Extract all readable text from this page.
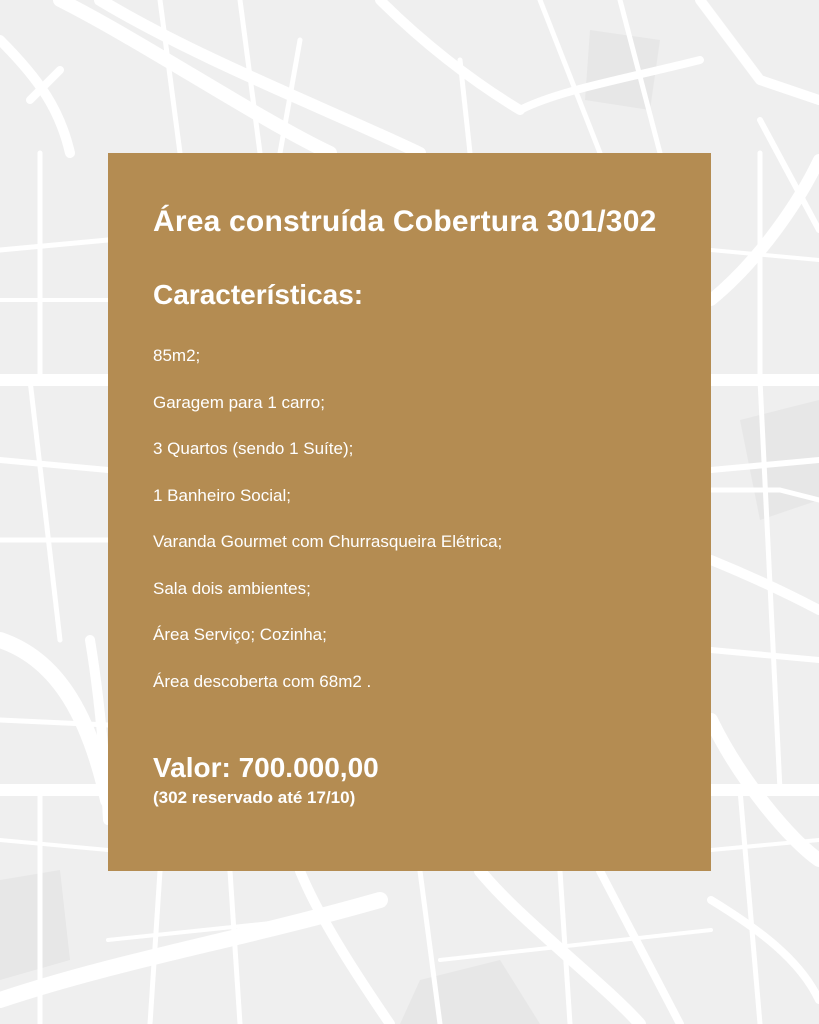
Área construída Cobertura 301/302
Características:
85m2;
Garagem para 1 carro;
3 Quartos (sendo 1 Suíte);
1 Banheiro Social;
Varanda Gourmet com Churrasqueira Elétrica;
Sala dois ambientes;
Área Serviço; Cozinha;
Área descoberta com 68m2 .

Valor: 700.000,00

(302 reservado até 17/10)
